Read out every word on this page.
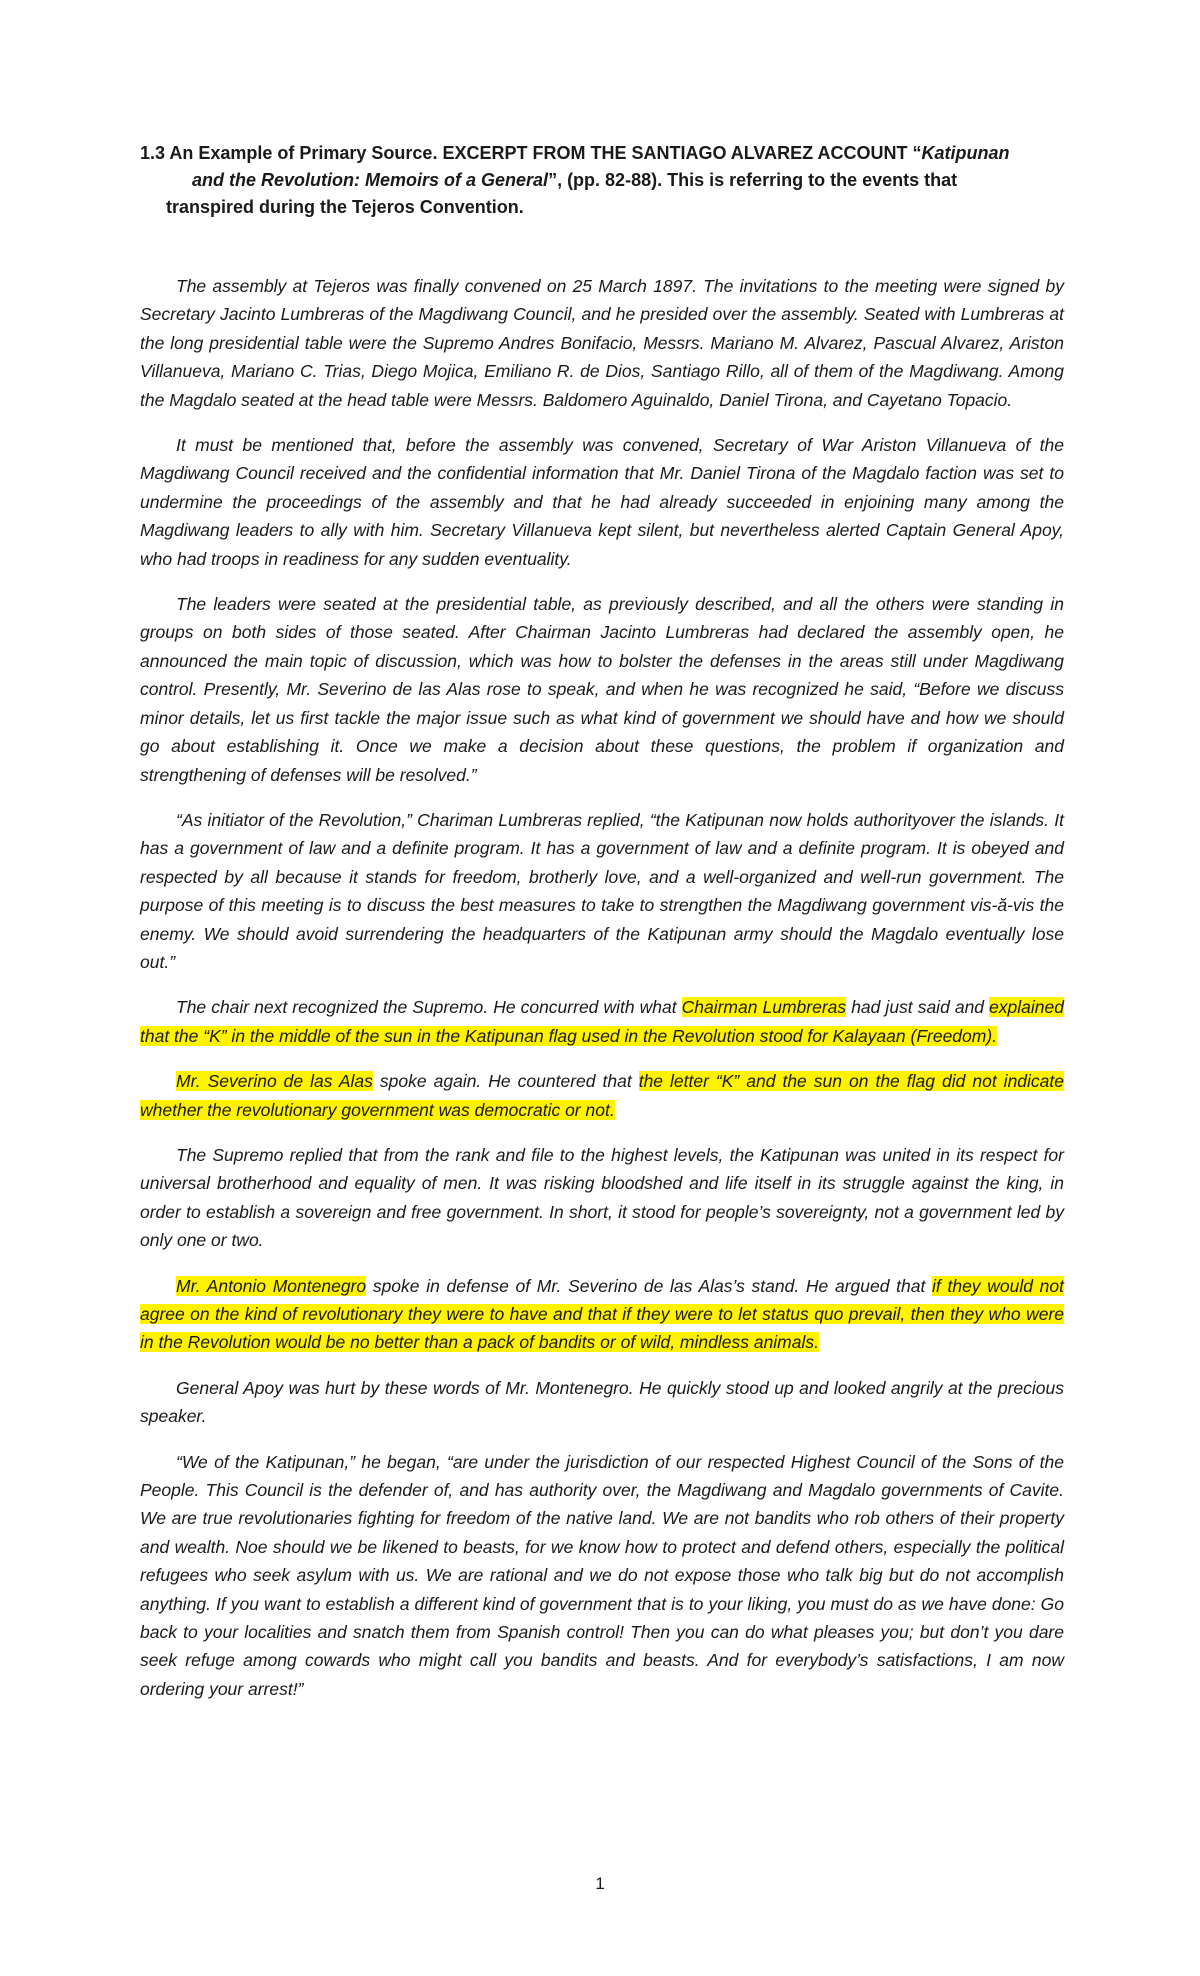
1.3 An Example of Primary Source. EXCERPT FROM THE SANTIAGO ALVAREZ ACCOUNT “Katipunan
and the Revolution: Memoirs of a General”, (pp. 82-88). This is referring to the events that
transpired during the Tejeros Convention.

The assembly at Tejeros was finally convened on 25 March 1897. The invitations to the meeting were signed by Secretary Jacinto Lumbreras of the Magdiwang Council, and he presided over the assembly. Seated with Lumbreras at the long presidential table were the Supremo Andres Bonifacio, Messrs. Mariano M. Alvarez, Pascual Alvarez, Ariston Villanueva, Mariano C. Trias, Diego Mojica, Emiliano R. de Dios, Santiago Rillo, all of them of the Magdiwang. Among the Magdalo seated at the head table were Messrs. Baldomero Aguinaldo, Daniel Tirona, and Cayetano Topacio.

It must be mentioned that, before the assembly was convened, Secretary of War Ariston Villanueva of the Magdiwang Council received and the confidential information that Mr. Daniel Tirona of the Magdalo faction was set to undermine the proceedings of the assembly and that he had already succeeded in enjoining many among the Magdiwang leaders to ally with him. Secretary Villanueva kept silent, but nevertheless alerted Captain General Apoy, who had troops in readiness for any sudden eventuality.

The leaders were seated at the presidential table, as previously described, and all the others were standing in groups on both sides of those seated. After Chairman Jacinto Lumbreras had declared the assembly open, he announced the main topic of discussion, which was how to bolster the defenses in the areas still under Magdiwang control. Presently, Mr. Severino de las Alas rose to speak, and when he was recognized he said, “Before we discuss minor details, let us first tackle the major issue such as what kind of government we should have and how we should go about establishing it. Once we make a decision about these questions, the problem if organization and strengthening of defenses will be resolved.”

“As initiator of the Revolution,” Chariman Lumbreras replied, “the Katipunan now holds authorityover the islands. It has a government of law and a definite program. It has a government of law and a definite program. It is obeyed and respected by all because it stands for freedom, brotherly love, and a well-organized and well-run government. The purpose of this meeting is to discuss the best measures to take to strengthen the Magdiwang government vis-ă-vis the enemy. We should avoid surrendering the headquarters of the Katipunan army should the Magdalo eventually lose out.”

The chair next recognized the Supremo. He concurred with what Chairman Lumbreras had just said and explained that the “K” in the middle of the sun in the Katipunan flag used in the Revolution stood for Kalayaan (Freedom).

Mr. Severino de las Alas spoke again. He countered that the letter “K” and the sun on the flag did not indicate whether the revolutionary government was democratic or not.

The Supremo replied that from the rank and file to the highest levels, the Katipunan was united in its respect for universal brotherhood and equality of men. It was risking bloodshed and life itself in its struggle against the king, in order to establish a sovereign and free government. In short, it stood for people’s sovereignty, not a government led by only one or two.

Mr. Antonio Montenegro spoke in defense of Mr. Severino de las Alas’s stand. He argued that if they would not agree on the kind of revolutionary they were to have and that if they were to let status quo prevail, then they who were in the Revolution would be no better than a pack of bandits or of wild, mindless animals.

General Apoy was hurt by these words of Mr. Montenegro. He quickly stood up and looked angrily at the precious speaker.

“We of the Katipunan,” he began, “are under the jurisdiction of our respected Highest Council of the Sons of the People. This Council is the defender of, and has authority over, the Magdiwang and Magdalo governments of Cavite. We are true revolutionaries fighting for freedom of the native land. We are not bandits who rob others of their property and wealth. Noe should we be likened to beasts, for we know how to protect and defend others, especially the political refugees who seek asylum with us. We are rational and we do not expose those who talk big but do not accomplish anything. If you want to establish a different kind of government that is to your liking, you must do as we have done: Go back to your localities and snatch them from Spanish control! Then you can do what pleases you; but don’t you dare seek refuge among cowards who might call you bandits and beasts. And for everybody’s satisfactions, I am now ordering your arrest!”

1
